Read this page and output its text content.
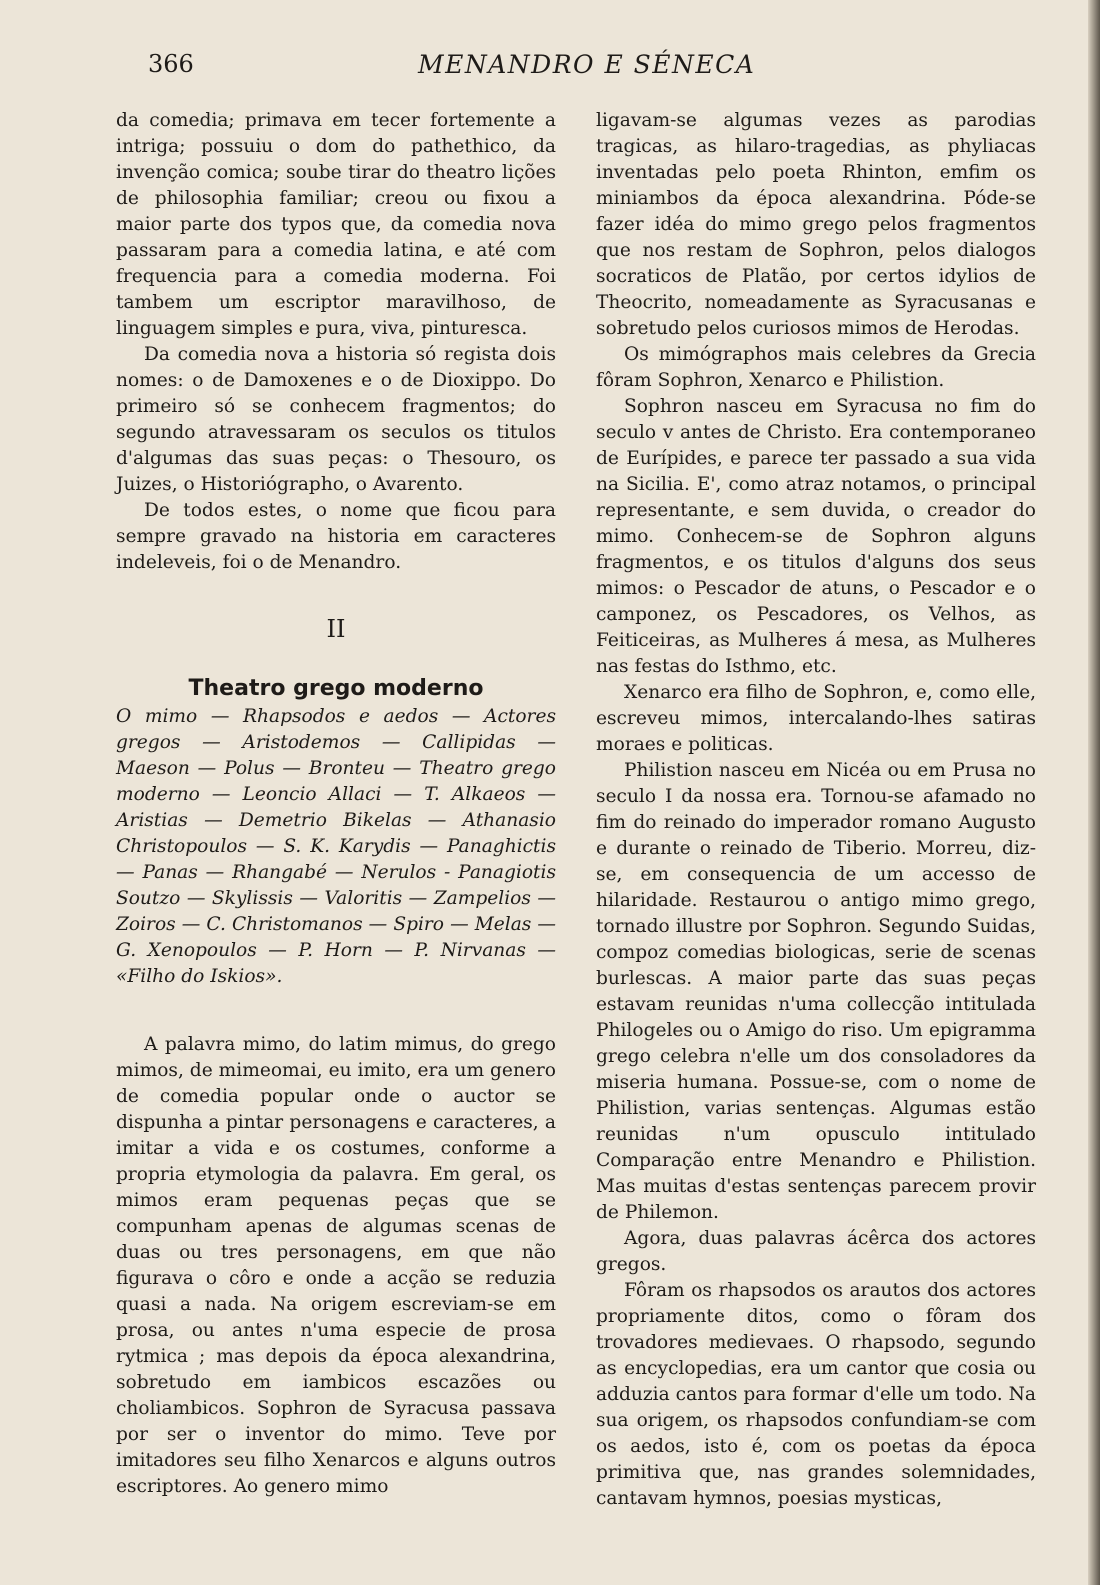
366	MENANDRO E SÉNECA

da comedia; primava em tecer fortemente a intriga; possuiu o dom do pathethico, da invenção comica; soube tirar do theatro lições de philosophia familiar; creou ou fixou a maior parte dos typos que, da comedia nova passaram para a comedia latina, e até com frequencia para a comedia moderna. Foi tambem um escriptor maravilhoso, de linguagem simples e pura, viva, pinturesca.

Da comedia nova a historia só regista dois nomes: o de Damoxenes e o de Dioxippo. Do primeiro só se conhecem fragmentos; do segundo atravessaram os seculos os titulos d'algumas das suas peças: o Thesouro, os Juizes, o Historiógrapho, o Avarento.

De todos estes, o nome que ficou para sempre gravado na historia em caracteres indeleveis, foi o de Menandro.

II
Theatro grego moderno

O mimo — Rhapsodos e aedos — Actores gregos — Aristodemos — Callipidas — Maeson — Polus — Bronteu — Theatro grego moderno — Leoncio Allaci — T. Alkaeos — Aristias — Demetrio Bikelas — Athanasio Christopoulos — S. K. Karydis — Panaghictis — Panas — Rhangabé — Nerulos - Panagiotis Soutzo — Skylissis — Valoritis — Zampelios — Zoiros — C. Christomanos — Spiro — Melas — G. Xenopoulos — P. Horn — P. Nirvanas — «Filho do Iskios».

A palavra mimo, do latim mimus, do grego mimos, de mimeomai, eu imito, era um genero de comedia popular onde o auctor se dispunha a pintar personagens e caracteres, a imitar a vida e os costumes, conforme a propria etymologia da palavra. Em geral, os mimos eram pequenas peças que se compunham apenas de algumas scenas de duas ou tres personagens, em que não figurava o côro e onde a acção se reduzia quasi a nada. Na origem escreviam-se em prosa, ou antes n'uma especie de prosa rytmica ; mas depois da época alexandrina, sobretudo em iambicos escazões ou choliambicos. Sophron de Syracusa passava por ser o inventor do mimo. Teve por imitadores seu filho Xenarcos e alguns outros escriptores. Ao genero mimo

ligavam-se algumas vezes as parodias tragicas, as hilaro-tragedias, as phyliacas inventadas pelo poeta Rhinton, emfim os miniambos da época alexandrina. Póde-se fazer idéa do mimo grego pelos fragmentos que nos restam de Sophron, pelos dialogos socraticos de Platão, por certos idylios de Theocrito, nomeadamente as Syracusanas e sobretudo pelos curiosos mimos de Herodas.

Os mimógraphos mais celebres da Grecia fôram Sophron, Xenarco e Philistion.

Sophron nasceu em Syracusa no fim do seculo v antes de Christo. Era contemporaneo de Eurípides, e parece ter passado a sua vida na Sicilia. E', como atraz notamos, o principal representante, e sem duvida, o creador do mimo. Conhecem-se de Sophron alguns fragmentos, e os titulos d'alguns dos seus mimos: o Pescador de atuns, o Pescador e o camponez, os Pescadores, os Velhos, as Feiticeiras, as Mulheres á mesa, as Mulheres nas festas do Isthmo, etc.

Xenarco era filho de Sophron, e, como elle, escreveu mimos, intercalando-lhes satiras moraes e politicas.

Philistion nasceu em Nicéa ou em Prusa no seculo I da nossa era. Tornou-se afamado no fim do reinado do imperador romano Augusto e durante o reinado de Tiberio. Morreu, diz-se, em consequencia de um accesso de hilaridade. Restaurou o antigo mimo grego, tornado illustre por Sophron. Segundo Suidas, compoz comedias biologicas, serie de scenas burlescas. A maior parte das suas peças estavam reunidas n'uma collecção intitulada Philogeles ou o Amigo do riso. Um epigramma grego celebra n'elle um dos consoladores da miseria humana. Possue-se, com o nome de Philistion, varias sentenças. Algumas estão reunidas n'um opusculo intitulado Comparação entre Menandro e Philistion. Mas muitas d'estas sentenças parecem provir de Philemon.

Agora, duas palavras ácêrca dos actores gregos.

Fôram os rhapsodos os arautos dos actores propriamente ditos, como o fôram dos trovadores medievaes. O rhapsodo, segundo as encyclopedias, era um cantor que cosia ou adduzia cantos para formar d'elle um todo. Na sua origem, os rhapsodos confundiam-se com os aedos, isto é, com os poetas da época primitiva que, nas grandes solemnidades, cantavam hymnos, poesias mysticas,
